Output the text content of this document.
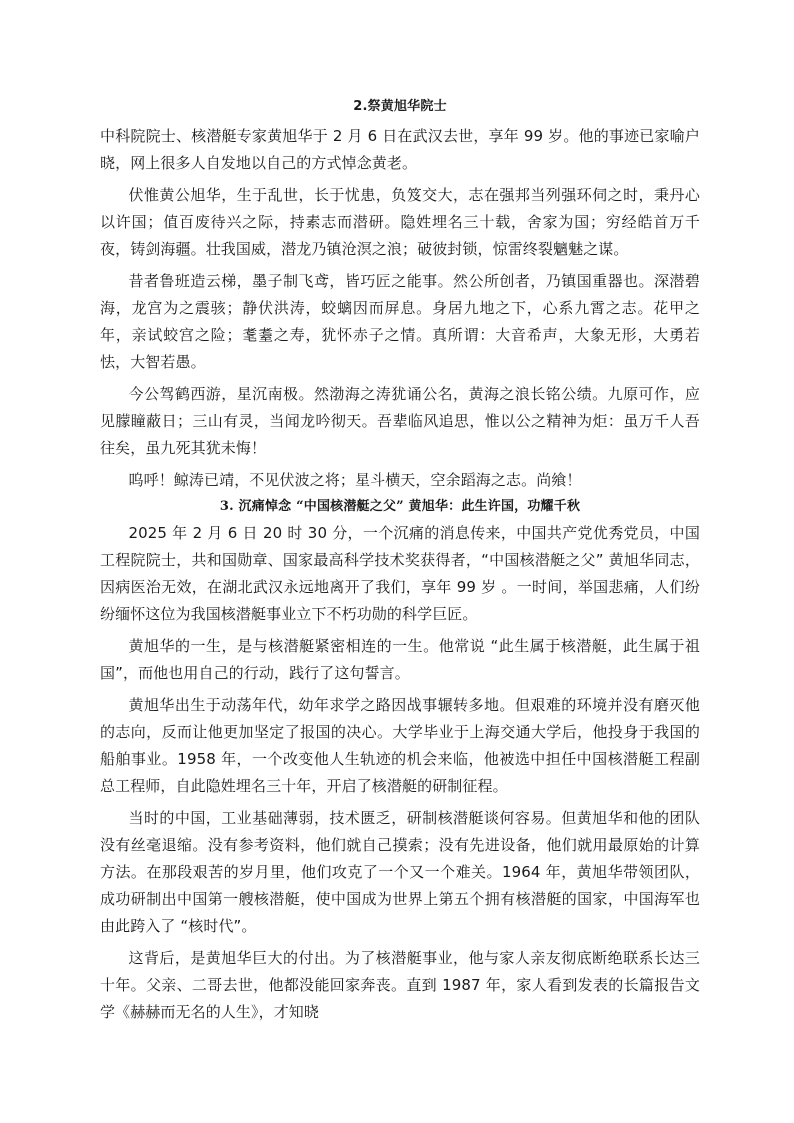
2.祭黄旭华院士

中科院院士、核潜艇专家黄旭华于 2 月 6 日在武汉去世，享年 99 岁。他的事迹已家喻户晓，网上很多人自发地以自己的方式悼念黄老。

伏惟黄公旭华，生于乱世，长于忧患，负笈交大，志在强邦当列强环伺之时，秉丹心以许国；值百废待兴之际，持素志而潜研。隐姓埋名三十载，舍家为国；穷经皓首万千夜，铸剑海疆。壮我国威，潜龙乃镇沧溟之浪；破彼封锁，惊雷终裂魑魅之谋。

昔者鲁班造云梯，墨子制飞鸢，皆巧匠之能事。然公所创者，乃镇国重器也。深潜碧海，龙宫为之震骇；静伏洪涛，蛟螭因而屏息。身居九地之下，心系九霄之志。花甲之年，亲试蛟宫之险；耄耋之寿，犹怀赤子之情。真所谓：大音希声，大象无形，大勇若怯，大智若愚。

今公驾鹤西游，星沉南极。然渤海之涛犹诵公名，黄海之浪长铭公绩。九原可作，应见朦瞳蔽日；三山有灵，当闻龙吟彻天。吾辈临风追思，惟以公之精神为炬：虽万千人吾往矣，虽九死其犹未悔！

呜呼！鲸涛已靖，不见伏波之将；星斗横天，空余蹈海之志。尚飨！

3. 沉痛悼念 “中国核潜艇之父” 黄旭华：此生许国，功耀千秋

2025 年 2 月 6 日 20 时 30 分，一个沉痛的消息传来，中国共产党优秀党员，中国工程院院士，共和国勋章、国家最高科学技术奖获得者，“中国核潜艇之父” 黄旭华同志，因病医治无效，在湖北武汉永远地离开了我们，享年 99 岁 。一时间，举国悲痛，人们纷纷缅怀这位为我国核潜艇事业立下不朽功勋的科学巨匠。

黄旭华的一生，是与核潜艇紧密相连的一生。他常说 “此生属于核潜艇，此生属于祖国”，而他也用自己的行动，践行了这句誓言。

黄旭华出生于动荡年代，幼年求学之路因战事辗转多地。但艰难的环境并没有磨灭他的志向，反而让他更加坚定了报国的决心。大学毕业于上海交通大学后，他投身于我国的船舶事业。1958 年，一个改变他人生轨迹的机会来临，他被选中担任中国核潜艇工程副总工程师，自此隐姓埋名三十年，开启了核潜艇的研制征程。

当时的中国，工业基础薄弱，技术匮乏，研制核潜艇谈何容易。但黄旭华和他的团队没有丝毫退缩。没有参考资料，他们就自己摸索；没有先进设备，他们就用最原始的计算方法。在那段艰苦的岁月里，他们攻克了一个又一个难关。1964 年，黄旭华带领团队，成功研制出中国第一艘核潜艇，使中国成为世界上第五个拥有核潜艇的国家，中国海军也由此跨入了 “核时代”。

这背后，是黄旭华巨大的付出。为了核潜艇事业，他与家人亲友彻底断绝联系长达三十年。父亲、二哥去世，他都没能回家奔丧。直到 1987 年，家人看到发表的长篇报告文学《赫赫而无名的人生》，才知晓
